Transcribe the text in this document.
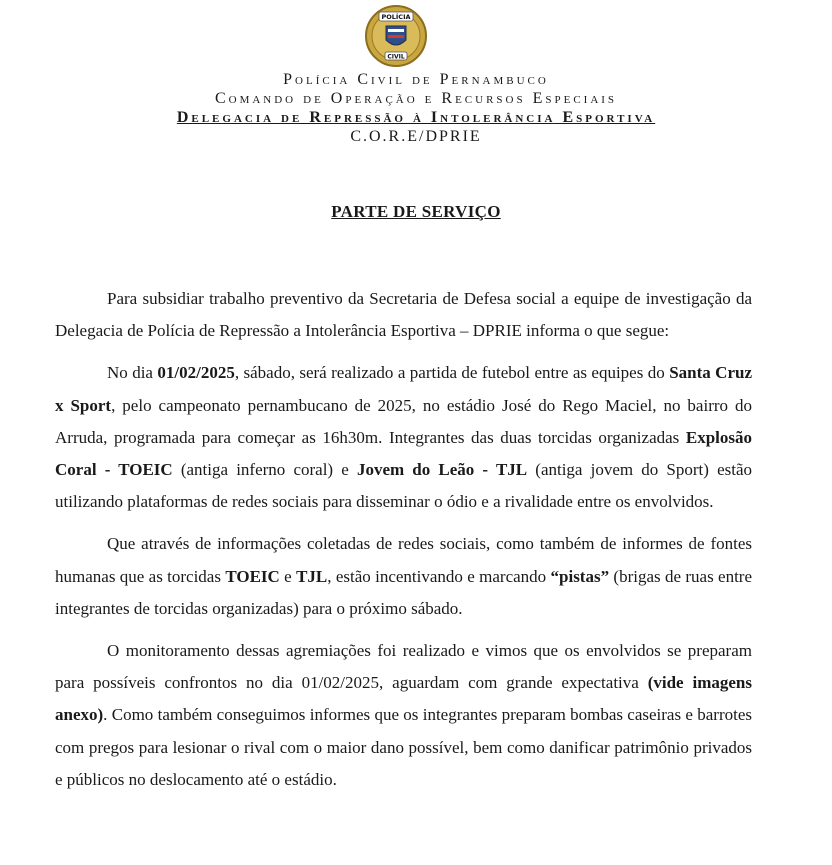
POLÍCIA
CIVIL
Polícia Civil de Pernambuco
Comando de Operação e Recursos Especiais
Delegacia de Repressão à Intolerância Esportiva
C.O.R.E/DPRIE
PARTE DE SERVIÇO

Para subsidiar trabalho preventivo da Secretaria de Defesa social a equipe de investigação da Delegacia de Polícia de Repressão a Intolerância Esportiva – DPRIE informa o que segue:

No dia 01/02/2025, sábado, será realizado a partida de futebol entre as equipes do Santa Cruz x Sport, pelo campeonato pernambucano de 2025, no estádio José do Rego Maciel, no bairro do Arruda, programada para começar as 16h30m. Integrantes das duas torcidas organizadas Explosão Coral - TOEIC (antiga inferno coral) e Jovem do Leão - TJL (antiga jovem do Sport) estão utilizando plataformas de redes sociais para disseminar o ódio e a rivalidade entre os envolvidos.

Que através de informações coletadas de redes sociais, como também de informes de fontes humanas que as torcidas TOEIC e TJL, estão incentivando e marcando “pistas” (brigas de ruas entre integrantes de torcidas organizadas) para o próximo sábado.

O monitoramento dessas agremiações foi realizado e vimos que os envolvidos se preparam para possíveis confrontos no dia 01/02/2025, aguardam com grande expectativa (vide imagens anexo). Como também conseguimos informes que os integrantes preparam bombas caseiras e barrotes com pregos para lesionar o rival com o maior dano possível, bem como danificar patrimônio privados e públicos no deslocamento até o estádio.
